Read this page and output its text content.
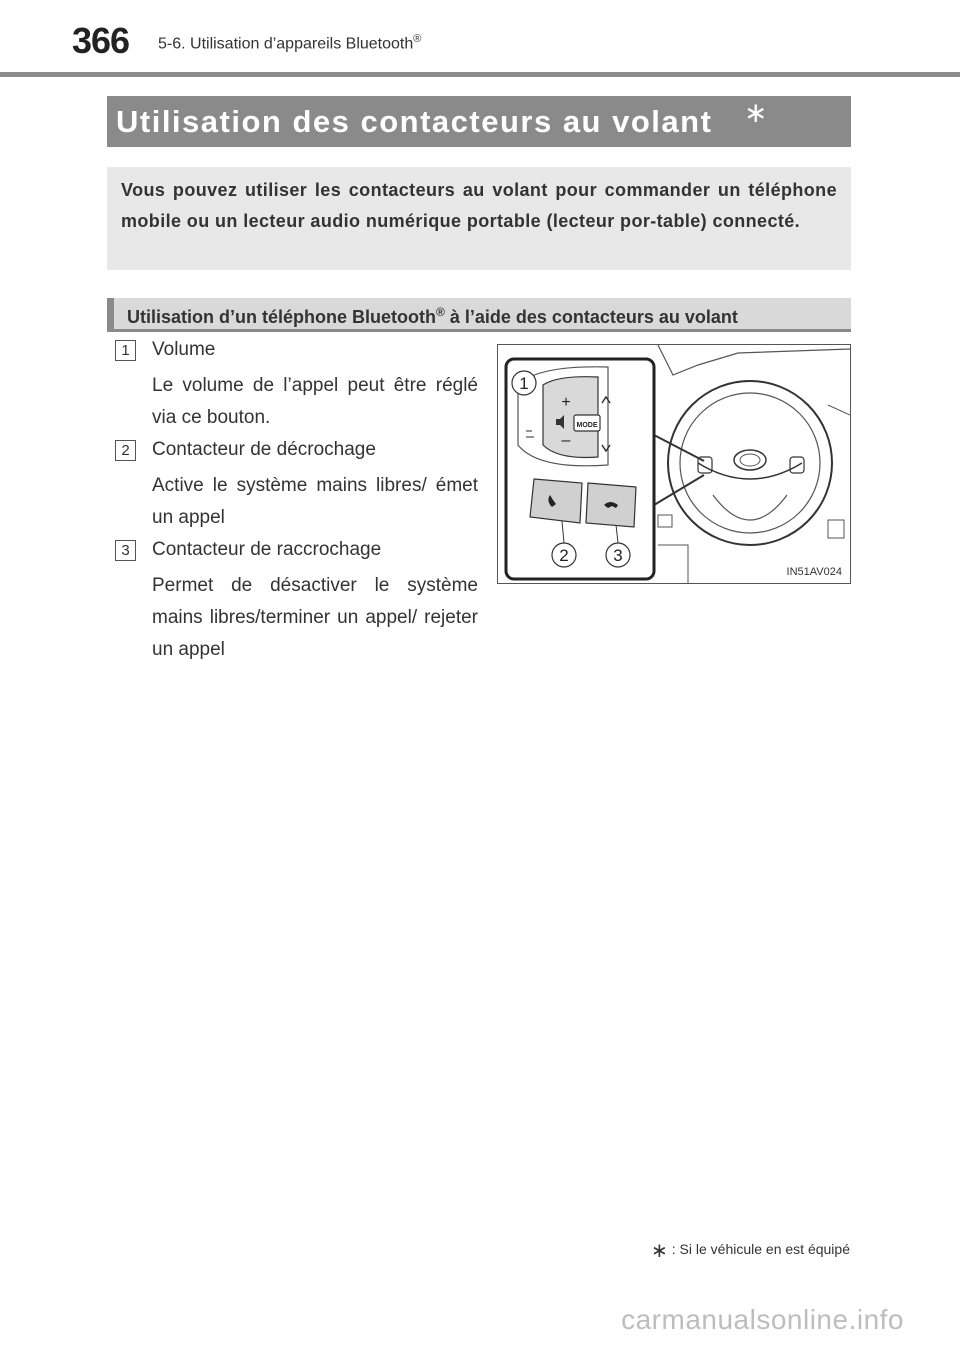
366 5-6. Utilisation d’appareils Bluetooth®
Utilisation des contacteurs au volant ∗
Vous pouvez utiliser les contacteurs au volant pour commander un téléphone mobile ou un lecteur audio numérique portable (lecteur por-table) connecté.
Utilisation d’un téléphone Bluetooth® à l’aide des contacteurs au volant
1	Volume
Le volume de l’appel peut être réglé via ce bouton.
2	Contacteur de décrochage
Active le système mains libres/ émet un appel
3	Contacteur de raccrochage
Permet de désactiver le système mains libres/terminer un appel/ rejeter un appel
MODE
+
–
1
2	3
IN51AV024
∗ : Si le véhicule en est équipé
carmanualsonline.info
